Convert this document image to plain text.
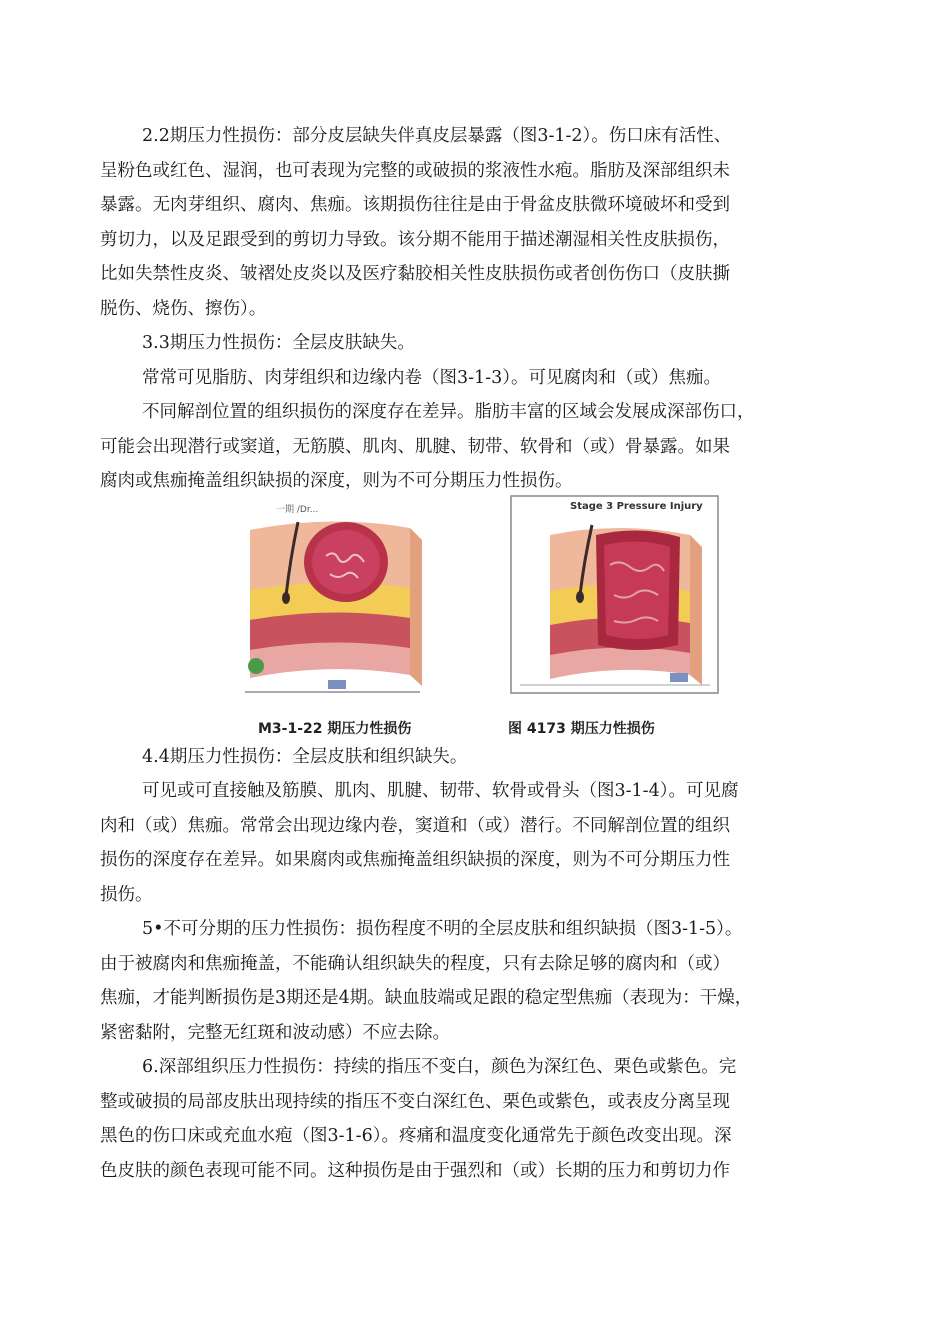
2.2期压力性损伤：部分皮层缺失伴真皮层暴露（图3-1-2）。伤口床有活性、
呈粉色或红色、湿润，也可表现为完整的或破损的浆液性水疱。脂肪及深部组织未
暴露。无肉芽组织、腐肉、焦痂。该期损伤往往是由于骨盆皮肤微环境破坏和受到
剪切力，以及足跟受到的剪切力导致。该分期不能用于描述潮湿相关性皮肤损伤，
比如失禁性皮炎、皱褶处皮炎以及医疗黏胶相关性皮肤损伤或者创伤伤口（皮肤撕
脱伤、烧伤、擦伤）。
3.3期压力性损伤：全层皮肤缺失。
常常可见脂肪、肉芽组织和边缘内卷（图3-1-3）。可见腐肉和（或）焦痂。
不同解剖位置的组织损伤的深度存在差异。脂肪丰富的区域会发展成深部伤口，
可能会出现潜行或窦道，无筋膜、肌肉、肌腱、韧带、软骨和（或）骨暴露。如果
腐肉或焦痂掩盖组织缺损的深度，则为不可分期压力性损伤。
一期 /Dr...
M3-1-22 期压力性损伤
Stage 3 Pressure Injury
图 4173 期压力性损伤
4.4期压力性损伤：全层皮肤和组织缺失。
可见或可直接触及筋膜、肌肉、肌腱、韧带、软骨或骨头（图3-1-4）。可见腐
肉和（或）焦痂。常常会出现边缘内卷，窦道和（或）潜行。不同解剖位置的组织
损伤的深度存在差异。如果腐肉或焦痂掩盖组织缺损的深度，则为不可分期压力性
损伤。
5•不可分期的压力性损伤：损伤程度不明的全层皮肤和组织缺损（图3-1-5）。
由于被腐肉和焦痂掩盖，不能确认组织缺失的程度，只有去除足够的腐肉和（或）
焦痂，才能判断损伤是3期还是4期。缺血肢端或足跟的稳定型焦痂（表现为：干燥，
紧密黏附，完整无红斑和波动感）不应去除。
6.深部组织压力性损伤：持续的指压不变白，颜色为深红色、栗色或紫色。完
整或破损的局部皮肤出现持续的指压不变白深红色、栗色或紫色，或表皮分离呈现
黑色的伤口床或充血水疱（图3-1-6）。疼痛和温度变化通常先于颜色改变出现。深
色皮肤的颜色表现可能不同。这种损伤是由于强烈和（或）长期的压力和剪切力作
